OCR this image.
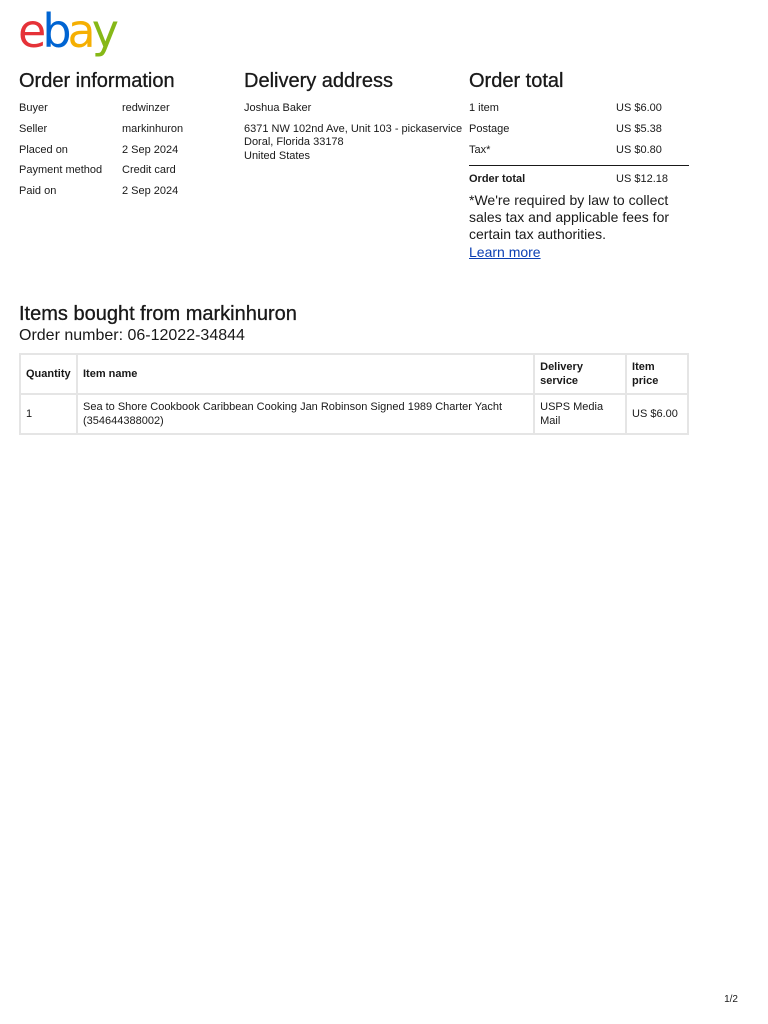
ebay
Order information
Buyer	redwinzer
Seller	markinhuron
Placed on	2 Sep 2024
Payment method Credit card
Paid on	2 Sep 2024
Delivery address
Joshua Baker
6371 NW 102nd Ave, Unit 103 - pickaservice
Doral, Florida 33178
United States
Order total
1 item	US $6.00
Postage	US $5.38
Tax*	US $0.80
Order total	US $12.18
*We're required by law to collect sales tax and applicable fees for certain tax authorities.
Learn more
Items bought from markinhuron
Order number: 06-12022-34844
Quantity	Item name	Delivery service	Item price
1	Sea to Shore Cookbook Caribbean Cooking Jan Robinson Signed 1989 Charter Yacht (354644388002)	USPS Media Mail	US $6.00
1/2
